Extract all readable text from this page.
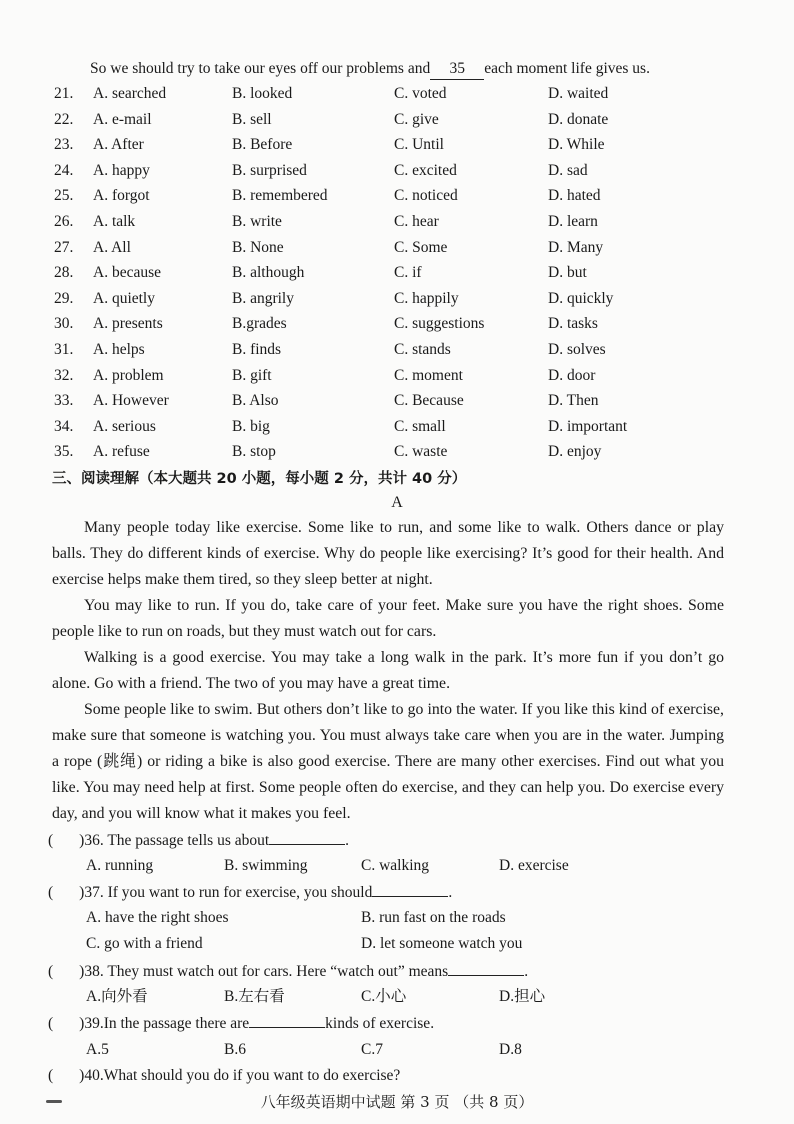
So we should try to take our eyes off our problems and 35 each moment life gives us.
21. A. searched	B. looked	C. voted	D. waited
22. A. e-mail	B. sell	C. give	D. donate
23. A. After	B. Before	C. Until	D. While
24. A. happy	B. surprised	C. excited	D. sad
25. A. forgot	B. remembered	C. noticed	D. hated
26. A. talk	B. write	C. hear	D. learn
27. A. All	B. None	C. Some	D. Many
28. A. because	B. although	C. if	D. but
29. A. quietly	B. angrily	C. happily	D. quickly
30. A. presents	B.grades	C. suggestions	D. tasks
31. A. helps	B. finds	C. stands	D. solves
32. A. problem	B. gift	C. moment	D. door
33. A. However	B. Also	C. Because	D. Then
34. A. serious	B. big	C. small	D. important
35. A. refuse	B. stop	C. waste	D. enjoy
三、阅读理解（本大题共 20 小题，每小题 2 分，共计 40 分）
A

Many people today like exercise. Some like to run, and some like to walk. Others dance or play balls. They do different kinds of exercise. Why do people like exercising? It’s good for their health. And exercise helps make them tired, so they sleep better at night.

You may like to run. If you do, take care of your feet. Make sure you have the right shoes. Some people like to run on roads, but they must watch out for cars.

Walking is a good exercise. You may take a long walk in the park. It’s more fun if you don’t go alone. Go with a friend. The two of you may have a great time.

Some people like to swim. But others don’t like to go into the water. If you like this kind of exercise, make sure that someone is watching you. You must always take care when you are in the water. Jumping a rope (跳绳) or riding a bike is also good exercise. There are many other exercises. Find out what you like. You may need help at first. Some people often do exercise, and they can help you. Do exercise every day, and you will know what it makes you feel.

( )36. The passage tells us about	.
A. running	B. swimming	C. walking	D. exercise
( )37. If you want to run for exercise, you should	.
A. have the right shoes	B. run fast on the roads
C. go with a friend	D. let someone watch you
( )38. They must watch out for cars. Here “watch out” means	.
A.向外看	B.左右看	C.小心	D.担心
( )39.In the passage there are	kinds of exercise.
A.5	B.6	C.7	D.8
( )40.What should you do if you want to do exercise?
八年级英语期中试题 第 3 页 （共 8 页）
